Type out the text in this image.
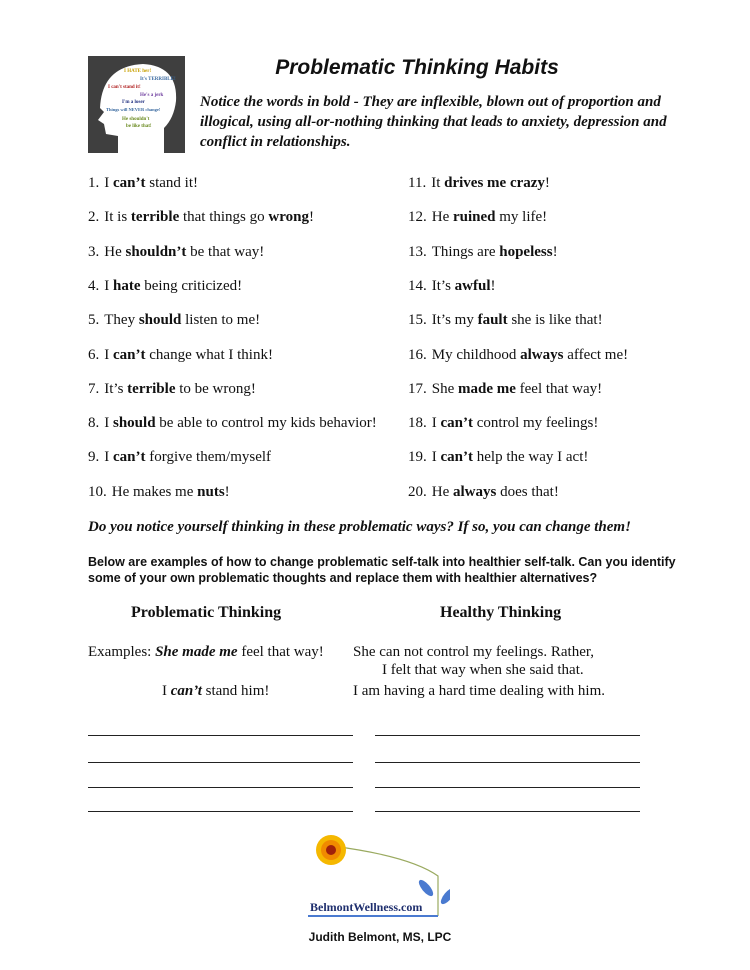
I HATE her!
It's TERRIBLE!
I can't stand it!
He's a jerk
I'm a loser
Things will NEVER change!
He shouldn't
be like that!
Problematic Thinking Habits
Notice the words in bold - They are inflexible, blown out of proportion and illogical, using all-or-nothing thinking that leads to anxiety, depression and conflict in relationships.
1. I can’t stand it!
2. It is terrible that things go wrong!
3. He shouldn’t be that way!
4. I hate being criticized!
5. They should listen to me!
6. I can’t change what I think!
7. It’s terrible to be wrong!
8. I should be able to control my kids behavior!
9. I can’t forgive them/myself
10. He makes me nuts!
11. It drives me crazy!
12. He ruined my life!
13. Things are hopeless!
14. It’s awful!
15. It’s my fault she is like that!
16. My childhood always affect me!
17. She made me feel that way!
18. I can’t control my feelings!
19. I can’t help the way I act!
20. He always does that!
Do you notice yourself thinking in these problematic ways? If so, you can change them!
Below are examples of how to change problematic self-talk into healthier self-talk. Can you identify some of your own problematic thoughts and replace them with healthier alternatives?
Problematic Thinking	Healthy Thinking
Examples: She made me feel that way! She can not control my feelings. Rather,
I felt that way when she said that.
I can’t stand him!	I am having a hard time dealing with him.
BelmontWellness.com
Judith Belmont, MS, LPC
